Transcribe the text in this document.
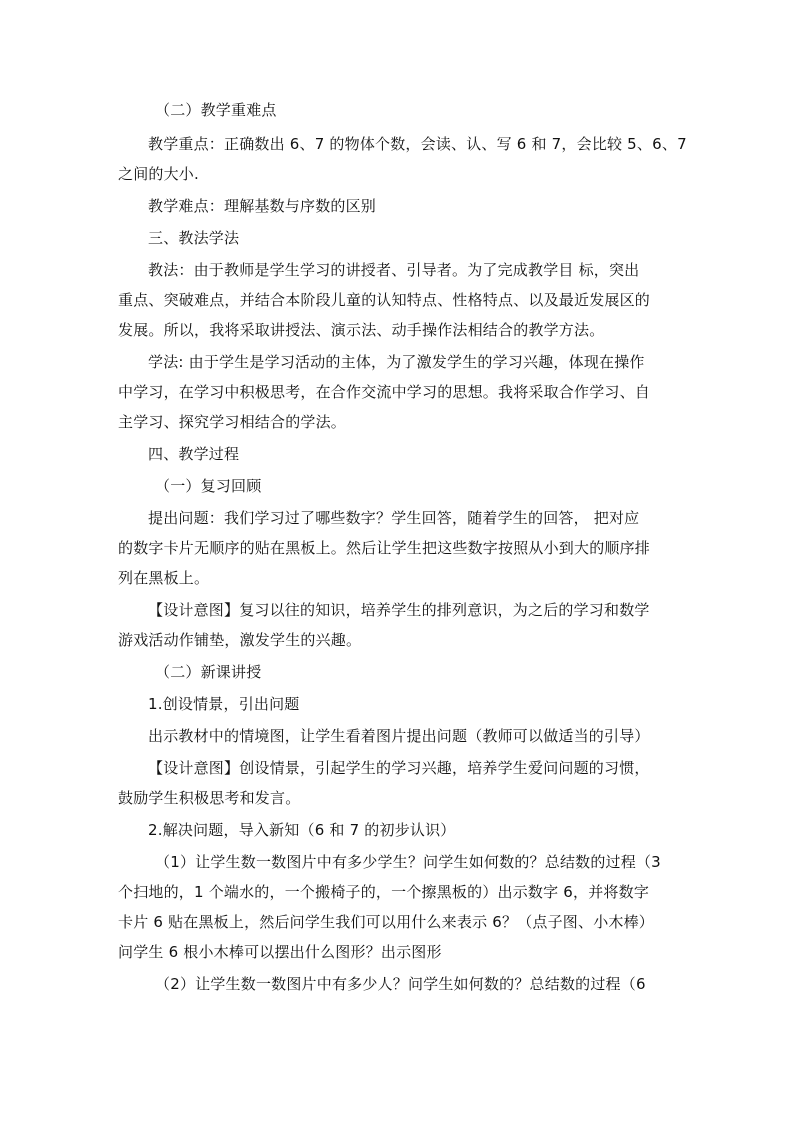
（二）教学重难点
教学重点：正确数出 6、7 的物体个数，会读、认、写 6 和 7，会比较 5、6、7
之间的大小.
教学难点：理解基数与序数的区别
三、教法学法
教法：由于教师是学生学习的讲授者、引导者。为了完成教学目 标，突出
重点、突破难点，并结合本阶段儿童的认知特点、性格特点、以及最近发展区的
发展。所以，我将采取讲授法、演示法、动手操作法相结合的教学方法。
学法: 由于学生是学习活动的主体，为了激发学生的学习兴趣，体现在操作
中学习，在学习中积极思考，在合作交流中学习的思想。我将采取合作学习、自
主学习、探究学习相结合的学法。
四、教学过程
（一）复习回顾
提出问题：我们学习过了哪些数字？学生回答，随着学生的回答， 把对应
的数字卡片无顺序的贴在黑板上。然后让学生把这些数字按照从小到大的顺序排
列在黑板上。
【设计意图】复习以往的知识，培养学生的排列意识，为之后的学习和数学
游戏活动作铺垫，激发学生的兴趣。
（二）新课讲授
1.创设情景，引出问题
出示教材中的情境图，让学生看着图片提出问题（教师可以做适当的引导）
【设计意图】创设情景，引起学生的学习兴趣，培养学生爱问问题的习惯，
鼓励学生积极思考和发言。
2.解决问题，导入新知（6 和 7 的初步认识）
（1）让学生数一数图片中有多少学生？问学生如何数的？总结数的过程（3
个扫地的，1 个端水的，一个搬椅子的，一个擦黑板的）出示数字 6，并将数字
卡片 6 贴在黑板上，然后问学生我们可以用什么来表示 6？（点子图、小木棒）
问学生 6 根小木棒可以摆出什么图形？出示图形
（2）让学生数一数图片中有多少人？问学生如何数的？总结数的过程（6
